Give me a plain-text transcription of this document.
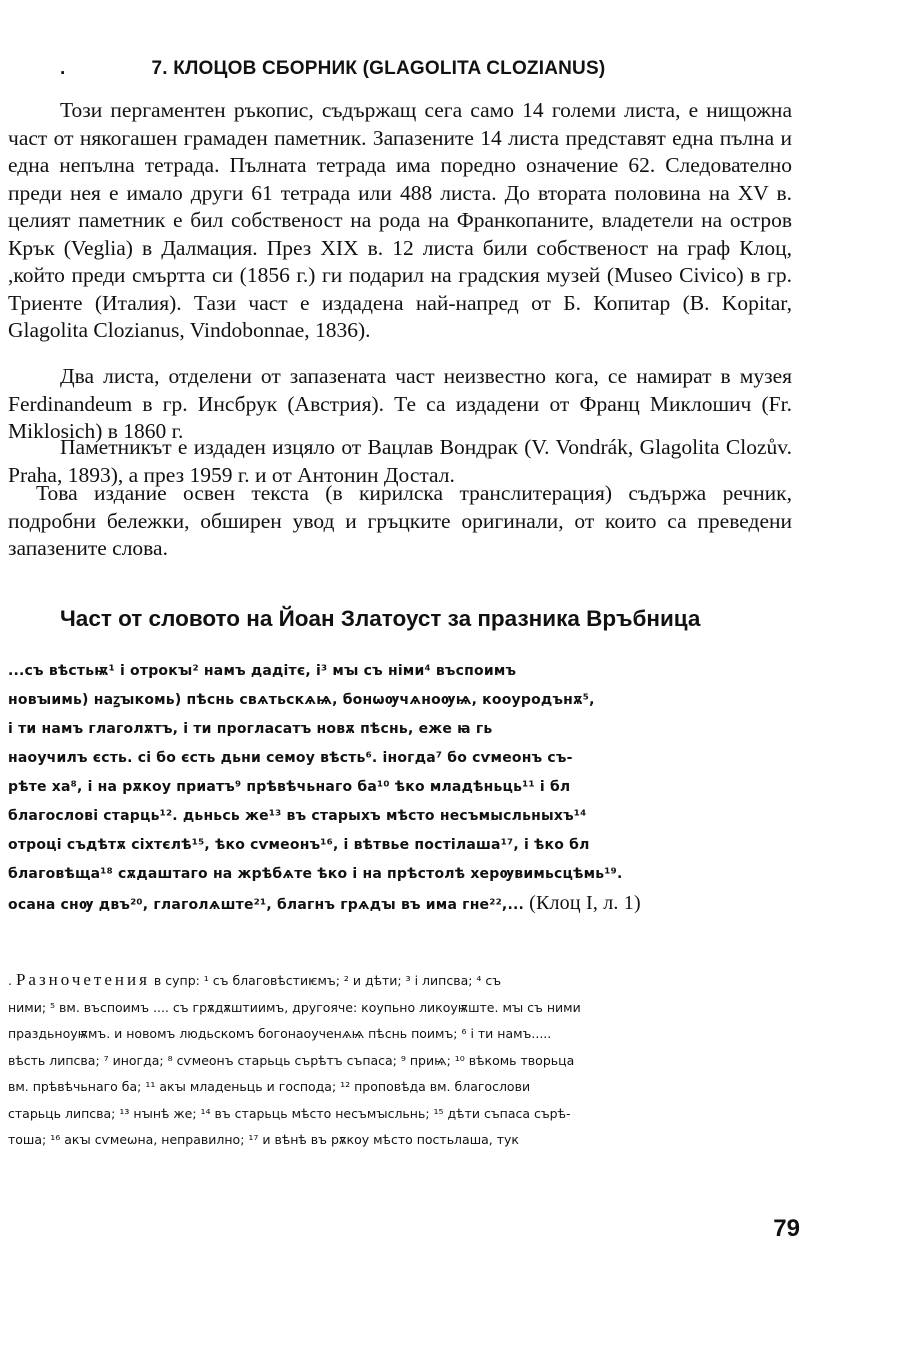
.	7. КЛОЦОВ СБОРНИК (GLAGOLITA CLOZIANUS)

Този пергаментен ръкопис, съдържащ сега само 14 големи листа, е нищожна част от някогашен грамаден паметник. Запазените 14 листа представят една пълна и една непълна тетрада. Пълната тетрада има поредно означение 62. Следователно преди нея е имало други 61 тетрада или 488 листа. До втората половина на XV в. целият паметник е бил собственост на рода на Франкопаните, владетели на остров Крък (Veglia) в Далмация. През XIX в. 12 листа били собственост на граф Клоц, ,който преди смъртта си (1856 г.) ги подарил на градския музей (Museo Civico) в гр. Триенте (Италия). Тази част е издадена най-напред от Б. Копитар (B. Kopitar, Glagolita Clozianus, Vindobonnae, 1836).

Два листа, отделени от запазената част неизвестно кога, се намират в музея Ferdinandeum в гр. Инсбрук (Австрия). Те са издадени от Франц Миклошич (Fr. Miklosich) в 1860 г.

Паметникът е издаден изцяло от Вацлав Вондрак (V. Vondrák, Glagolita Clozův. Praha, 1893), а през 1959 г. и от Антонин Достал.

Това издание освен текста (в кирилска транслитерация) съдържа речник, подробни бележки, обширен увод и гръцките оригинали, от които са преведени запазените слова.

Част от словото на Йоан Златоуст за празника Връбница
...съ вѣстьѭ¹ і отрокꙑ² намъ дадітє, і³ мꙑ съ німи⁴ въспоимъ
новꙑимь) наꙁꙑкомь) пѣснь свѧтьскѧѩ, бонѡѹчѧноѹѩ, кооуродънѫ⁵,
і ти намъ глаголѫтъ, і ти прогласатъ новѫ пѣснь, еже ꙗ гь
наоучилъ єсть. сі бо єсть дьни семоу вѣсть⁶. іногда⁷ бо сѵмеонъ съ-
рѣте ха⁸, і на рѫкоу приатъ⁹ прѣвѣчьнаго ба¹⁰ ѣко младѣньць¹¹ і бл
благослові старць¹². дьньсь же¹³ въ старыхъ мѣсто несъмысльныхъ¹⁴
отроці съдѣтѫ сіхтєлѣ¹⁵, ѣко сѵмеонъ¹⁶, і вѣтвье постілаша¹⁷, і ѣко бл
благовѣща¹⁸ сѫдаштаго на жрѣбѧте ѣко і на прѣстолѣ херѹвимьсцѣмь¹⁹.
осана снѹ двъ²⁰, глаголѧште²¹, благнъ грѧдꙑ въ има гне²²,... (Клоц I, л. 1)
. Разночетения в супр: ¹ съ благовѣстиѥмъ; ² и дѣти; ³ і липсва; ⁴ съ
ними; ⁵ вм. въспоимъ .... съ грѫдѫштиимъ, другояче: коупьно ликоуѭште. мꙑ съ ними
праздьноуѭмъ. и новомъ людьскомъ богонаоученѧѩ пѣснь поимъ; ⁶ і ти намъ.....
вѣсть липсва; ⁷ иногда; ⁸ сѵмеонъ старьць сърѣтъ съпаса; ⁹ приѩ; ¹⁰ вѣкомь творьца
вм. прѣвѣчьнаго ба; ¹¹ акꙑ младеньць и господа; ¹² проповѣда вм. благослови
старьць липсва; ¹³ нꙑнѣ же; ¹⁴ въ старьць мѣсто несъмꙑсльнь; ¹⁵ дѣти съпаса сърѣ-
тоша; ¹⁶ акꙑ сѵмеѡна, неправилно; ¹⁷ и вѣнѣ въ рѫкоу мѣсто постьлаша, тук
79
